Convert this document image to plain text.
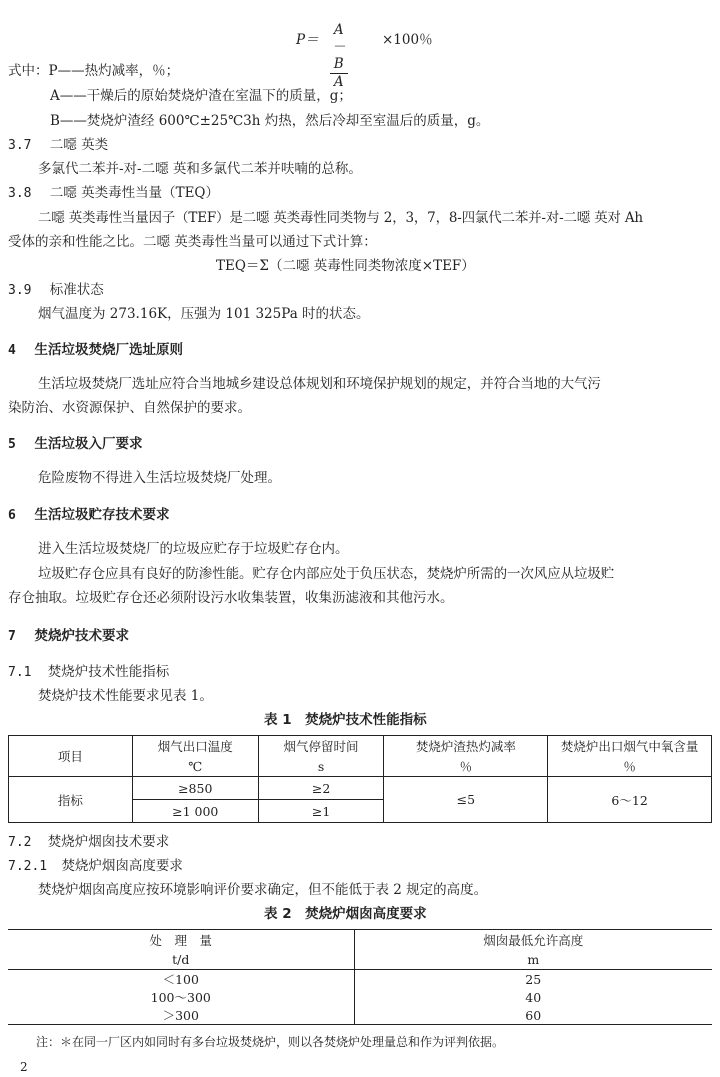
$P= \frac{A-B}{A}$	×100％
式中：P——热灼减率，％；
A——干燥后的原始焚烧炉渣在室温下的质量，g；
B——焚烧炉渣经 600℃±25℃3h 灼热，然后冷却至室温后的质量，g。
3.7 二噁 英类
多氯代二苯并-对-二噁 英和多氯代二苯并呋喃的总称。
3.8 二噁 英类毒性当量（TEQ）
二噁 英类毒性当量因子（TEF）是二噁 英类毒性同类物与 2，3，7，8-四氯代二苯并-对-二噁 英对 Ah
受体的亲和性能之比。二噁 英类毒性当量可以通过下式计算：
TEQ＝Σ（二噁 英毒性同类物浓度×TEF）
3.9 标准状态
烟气温度为 273.16K，压强为 101 325Pa 时的状态。
4 生活垃圾焚烧厂选址原则
生活垃圾焚烧厂选址应符合当地城乡建设总体规划和环境保护规划的规定，并符合当地的大气污
染防治、水资源保护、自然保护的要求。
5 生活垃圾入厂要求
危险废物不得进入生活垃圾焚烧厂处理。
6 生活垃圾贮存技术要求
进入生活垃圾焚烧厂的垃圾应贮存于垃圾贮存仓内。
垃圾贮存仓应具有良好的防渗性能。贮存仓内部应处于负压状态，焚烧炉所需的一次风应从垃圾贮
存仓抽取。垃圾贮存仓还必须附设污水收集装置，收集沥滤液和其他污水。
7 焚烧炉技术要求
7.1 焚烧炉技术性能指标
焚烧炉技术性能要求见表 1。
表 1　焚烧炉技术性能指标
项目	烟气出口温度	烟气停留时间	焚烧炉渣热灼减率	焚烧炉出口烟气中氧含量
	℃	s	％	％
指标	≥850	≥2	≤5	6～12
	≥1 000	≥1		
7.2 焚烧炉烟囱技术要求
7.2.1 焚烧炉烟囱高度要求
焚烧炉烟囱高度应按环境影响评价要求确定，但不能低于表 2 规定的高度。
表 2　焚烧炉烟囱高度要求
处　理　量	烟囱最低允许高度
t/d	m
＜100	25
100～300	40
＞300	60
注：＊在同一厂区内如同时有多台垃圾焚烧炉，则以各焚烧炉处理量总和作为评判依据。
2
